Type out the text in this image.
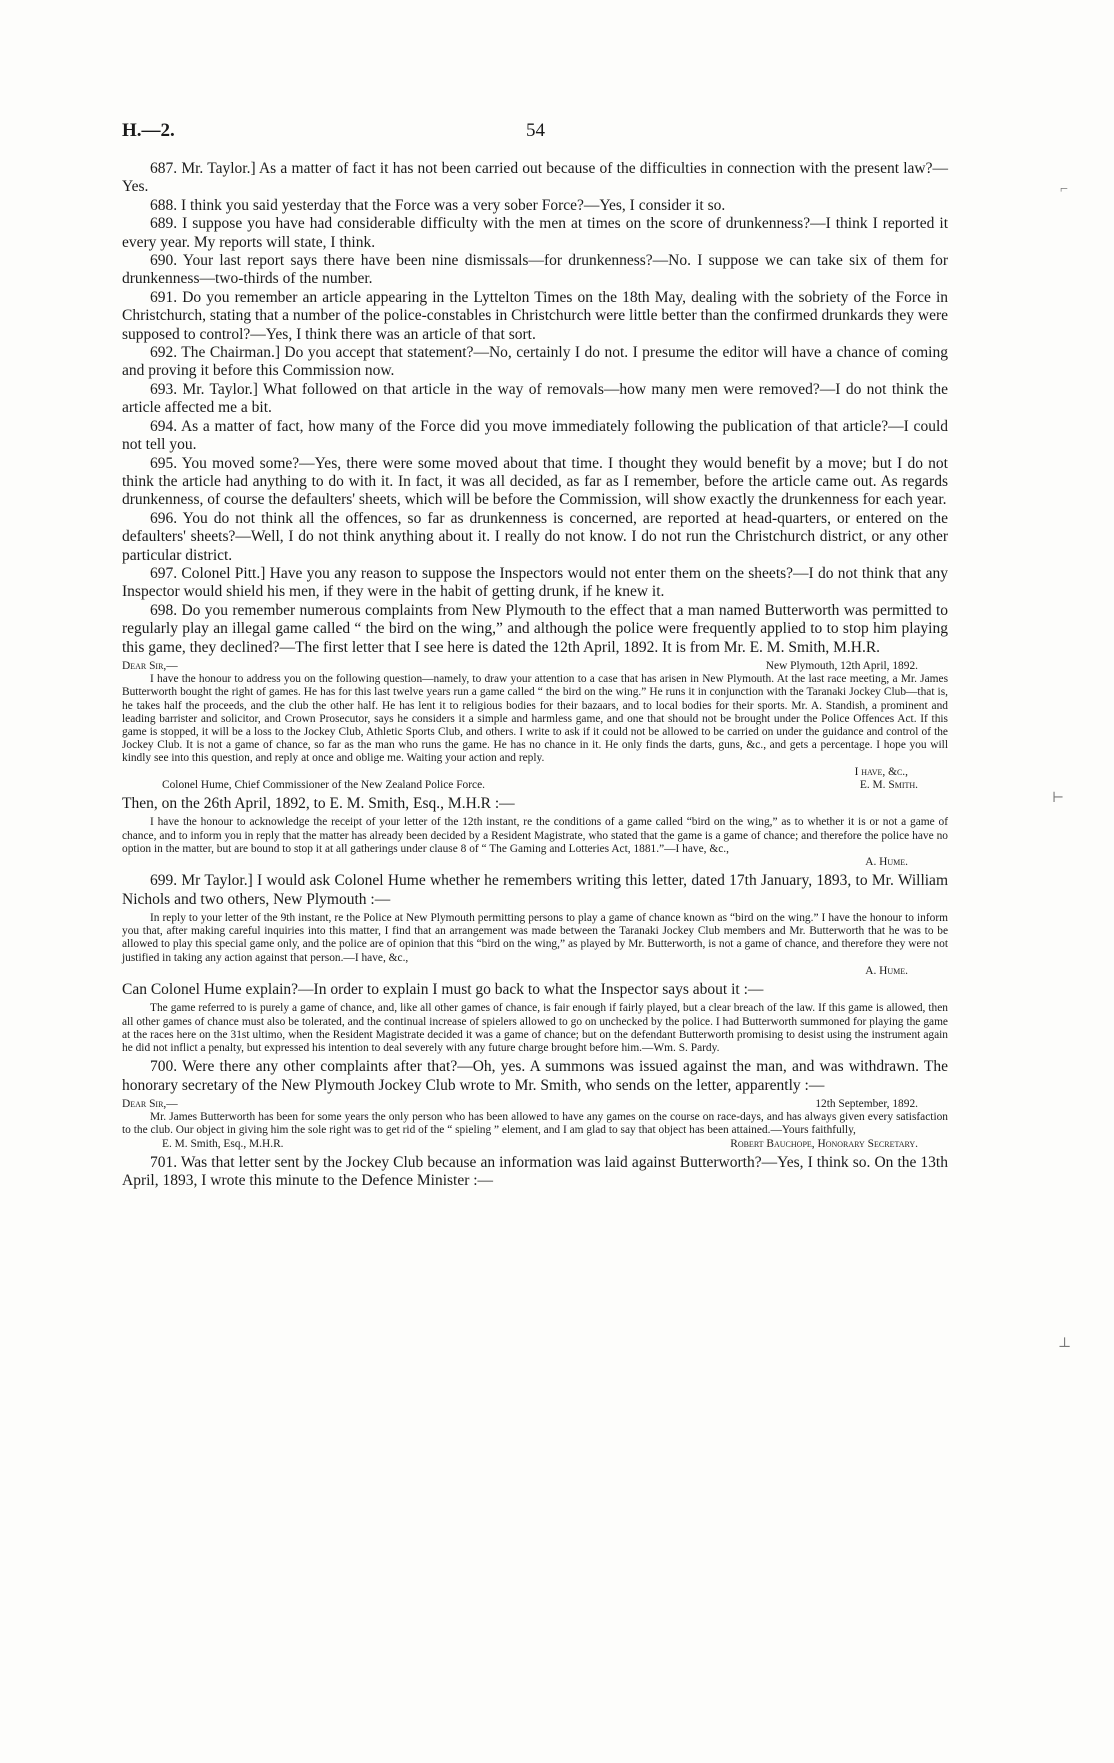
H.—2.	54

687. Mr. Taylor.] As a matter of fact it has not been carried out because of the difficulties in connection with the present law?—Yes.

688. I think you said yesterday that the Force was a very sober Force?—Yes, I consider it so.

689. I suppose you have had considerable difficulty with the men at times on the score of drunkenness?—I think I reported it every year. My reports will state, I think.

690. Your last report says there have been nine dismissals—for drunkenness?—No. I suppose we can take six of them for drunkenness—two-thirds of the number.

691. Do you remember an article appearing in the Lyttelton Times on the 18th May, dealing with the sobriety of the Force in Christchurch, stating that a number of the police-constables in Christchurch were little better than the confirmed drunkards they were supposed to control?—Yes, I think there was an article of that sort.

692. The Chairman.] Do you accept that statement?—No, certainly I do not. I presume the editor will have a chance of coming and proving it before this Commission now.

693. Mr. Taylor.] What followed on that article in the way of removals—how many men were removed?—I do not think the article affected me a bit.

694. As a matter of fact, how many of the Force did you move immediately following the publication of that article?—I could not tell you.

695. You moved some?—Yes, there were some moved about that time. I thought they would benefit by a move; but I do not think the article had anything to do with it. In fact, it was all decided, as far as I remember, before the article came out. As regards drunkenness, of course the defaulters' sheets, which will be before the Commission, will show exactly the drunkenness for each year.

696. You do not think all the offences, so far as drunkenness is concerned, are reported at head-quarters, or entered on the defaulters' sheets?—Well, I do not think anything about it. I really do not know. I do not run the Christchurch district, or any other particular district.

697. Colonel Pitt.] Have you any reason to suppose the Inspectors would not enter them on the sheets?—I do not think that any Inspector would shield his men, if they were in the habit of getting drunk, if he knew it.

698. Do you remember numerous complaints from New Plymouth to the effect that a man named Butterworth was permitted to regularly play an illegal game called “ the bird on the wing,” and although the police were frequently applied to to stop him playing this game, they declined?—The first letter that I see here is dated the 12th April, 1892. It is from Mr. E. M. Smith, M.H.R.

Dear Sir,—	New Plymouth, 12th April, 1892.

I have the honour to address you on the following question—namely, to draw your attention to a case that has arisen in New Plymouth. At the last race meeting, a Mr. James Butterworth bought the right of games. He has for this last twelve years run a game called “ the bird on the wing.” He runs it in conjunction with the Taranaki Jockey Club—that is, he takes half the proceeds, and the club the other half. He has lent it to religious bodies for their bazaars, and to local bodies for their sports. Mr. A. Standish, a prominent and leading barrister and solicitor, and Crown Prosecutor, says he considers it a simple and harmless game, and one that should not be brought under the Police Offences Act. If this game is stopped, it will be a loss to the Jockey Club, Athletic Sports Club, and others. I write to ask if it could not be allowed to be carried on under the guidance and control of the Jockey Club. It is not a game of chance, so far as the man who runs the game. He has no chance in it. He only finds the darts, guns, &c., and gets a percentage. I hope you will kindly see into this question, and reply at once and oblige me. Waiting your action and reply.

I have, &c.,
Colonel Hume, Chief Commissioner of the New Zealand Police Force.	E. M. Smith.

Then, on the 26th April, 1892, to E. M. Smith, Esq., M.H.R :—

I have the honour to acknowledge the receipt of your letter of the 12th instant, re the conditions of a game called “bird on the wing,” as to whether it is or not a game of chance, and to inform you in reply that the matter has already been decided by a Resident Magistrate, who stated that the game is a game of chance; and therefore the police have no option in the matter, but are bound to stop it at all gatherings under clause 8 of “ The Gaming and Lotteries Act, 1881.”—I have, &c.,

A. Hume.

699. Mr Taylor.] I would ask Colonel Hume whether he remembers writing this letter, dated 17th January, 1893, to Mr. William Nichols and two others, New Plymouth :—

In reply to your letter of the 9th instant, re the Police at New Plymouth permitting persons to play a game of chance known as “bird on the wing.” I have the honour to inform you that, after making careful inquiries into this matter, I find that an arrangement was made between the Taranaki Jockey Club members and Mr. Butterworth that he was to be allowed to play this special game only, and the police are of opinion that this “bird on the wing,” as played by Mr. Butterworth, is not a game of chance, and therefore they were not justified in taking any action against that person.—I have, &c.,

A. Hume.

Can Colonel Hume explain?—In order to explain I must go back to what the Inspector says about it :—

The game referred to is purely a game of chance, and, like all other games of chance, is fair enough if fairly played, but a clear breach of the law. If this game is allowed, then all other games of chance must also be tolerated, and the continual increase of spielers allowed to go on unchecked by the police. I had Butterworth summoned for playing the game at the races here on the 31st ultimo, when the Resident Magistrate decided it was a game of chance; but on the defendant Butterworth promising to desist using the instrument again he did not inflict a penalty, but expressed his intention to deal severely with any future charge brought before him.—Wm. S. Pardy.

700. Were there any other complaints after that?—Oh, yes. A summons was issued against the man, and was withdrawn. The honorary secretary of the New Plymouth Jockey Club wrote to Mr. Smith, who sends on the letter, apparently :—

Dear Sir,—	12th September, 1892.

Mr. James Butterworth has been for some years the only person who has been allowed to have any games on the course on race-days, and has always given every satisfaction to the club. Our object in giving him the sole right was to get rid of the “ spieling ” element, and I am glad to say that object has been attained.—Yours faithfully,

E. M. Smith, Esq., M.H.R.	Robert Bauchope, Honorary Secretary.

701. Was that letter sent by the Jockey Club because an information was laid against Butterworth?—Yes, I think so. On the 13th April, 1893, I wrote this minute to the Defence Minister :—

⌐
⊢
⊥
